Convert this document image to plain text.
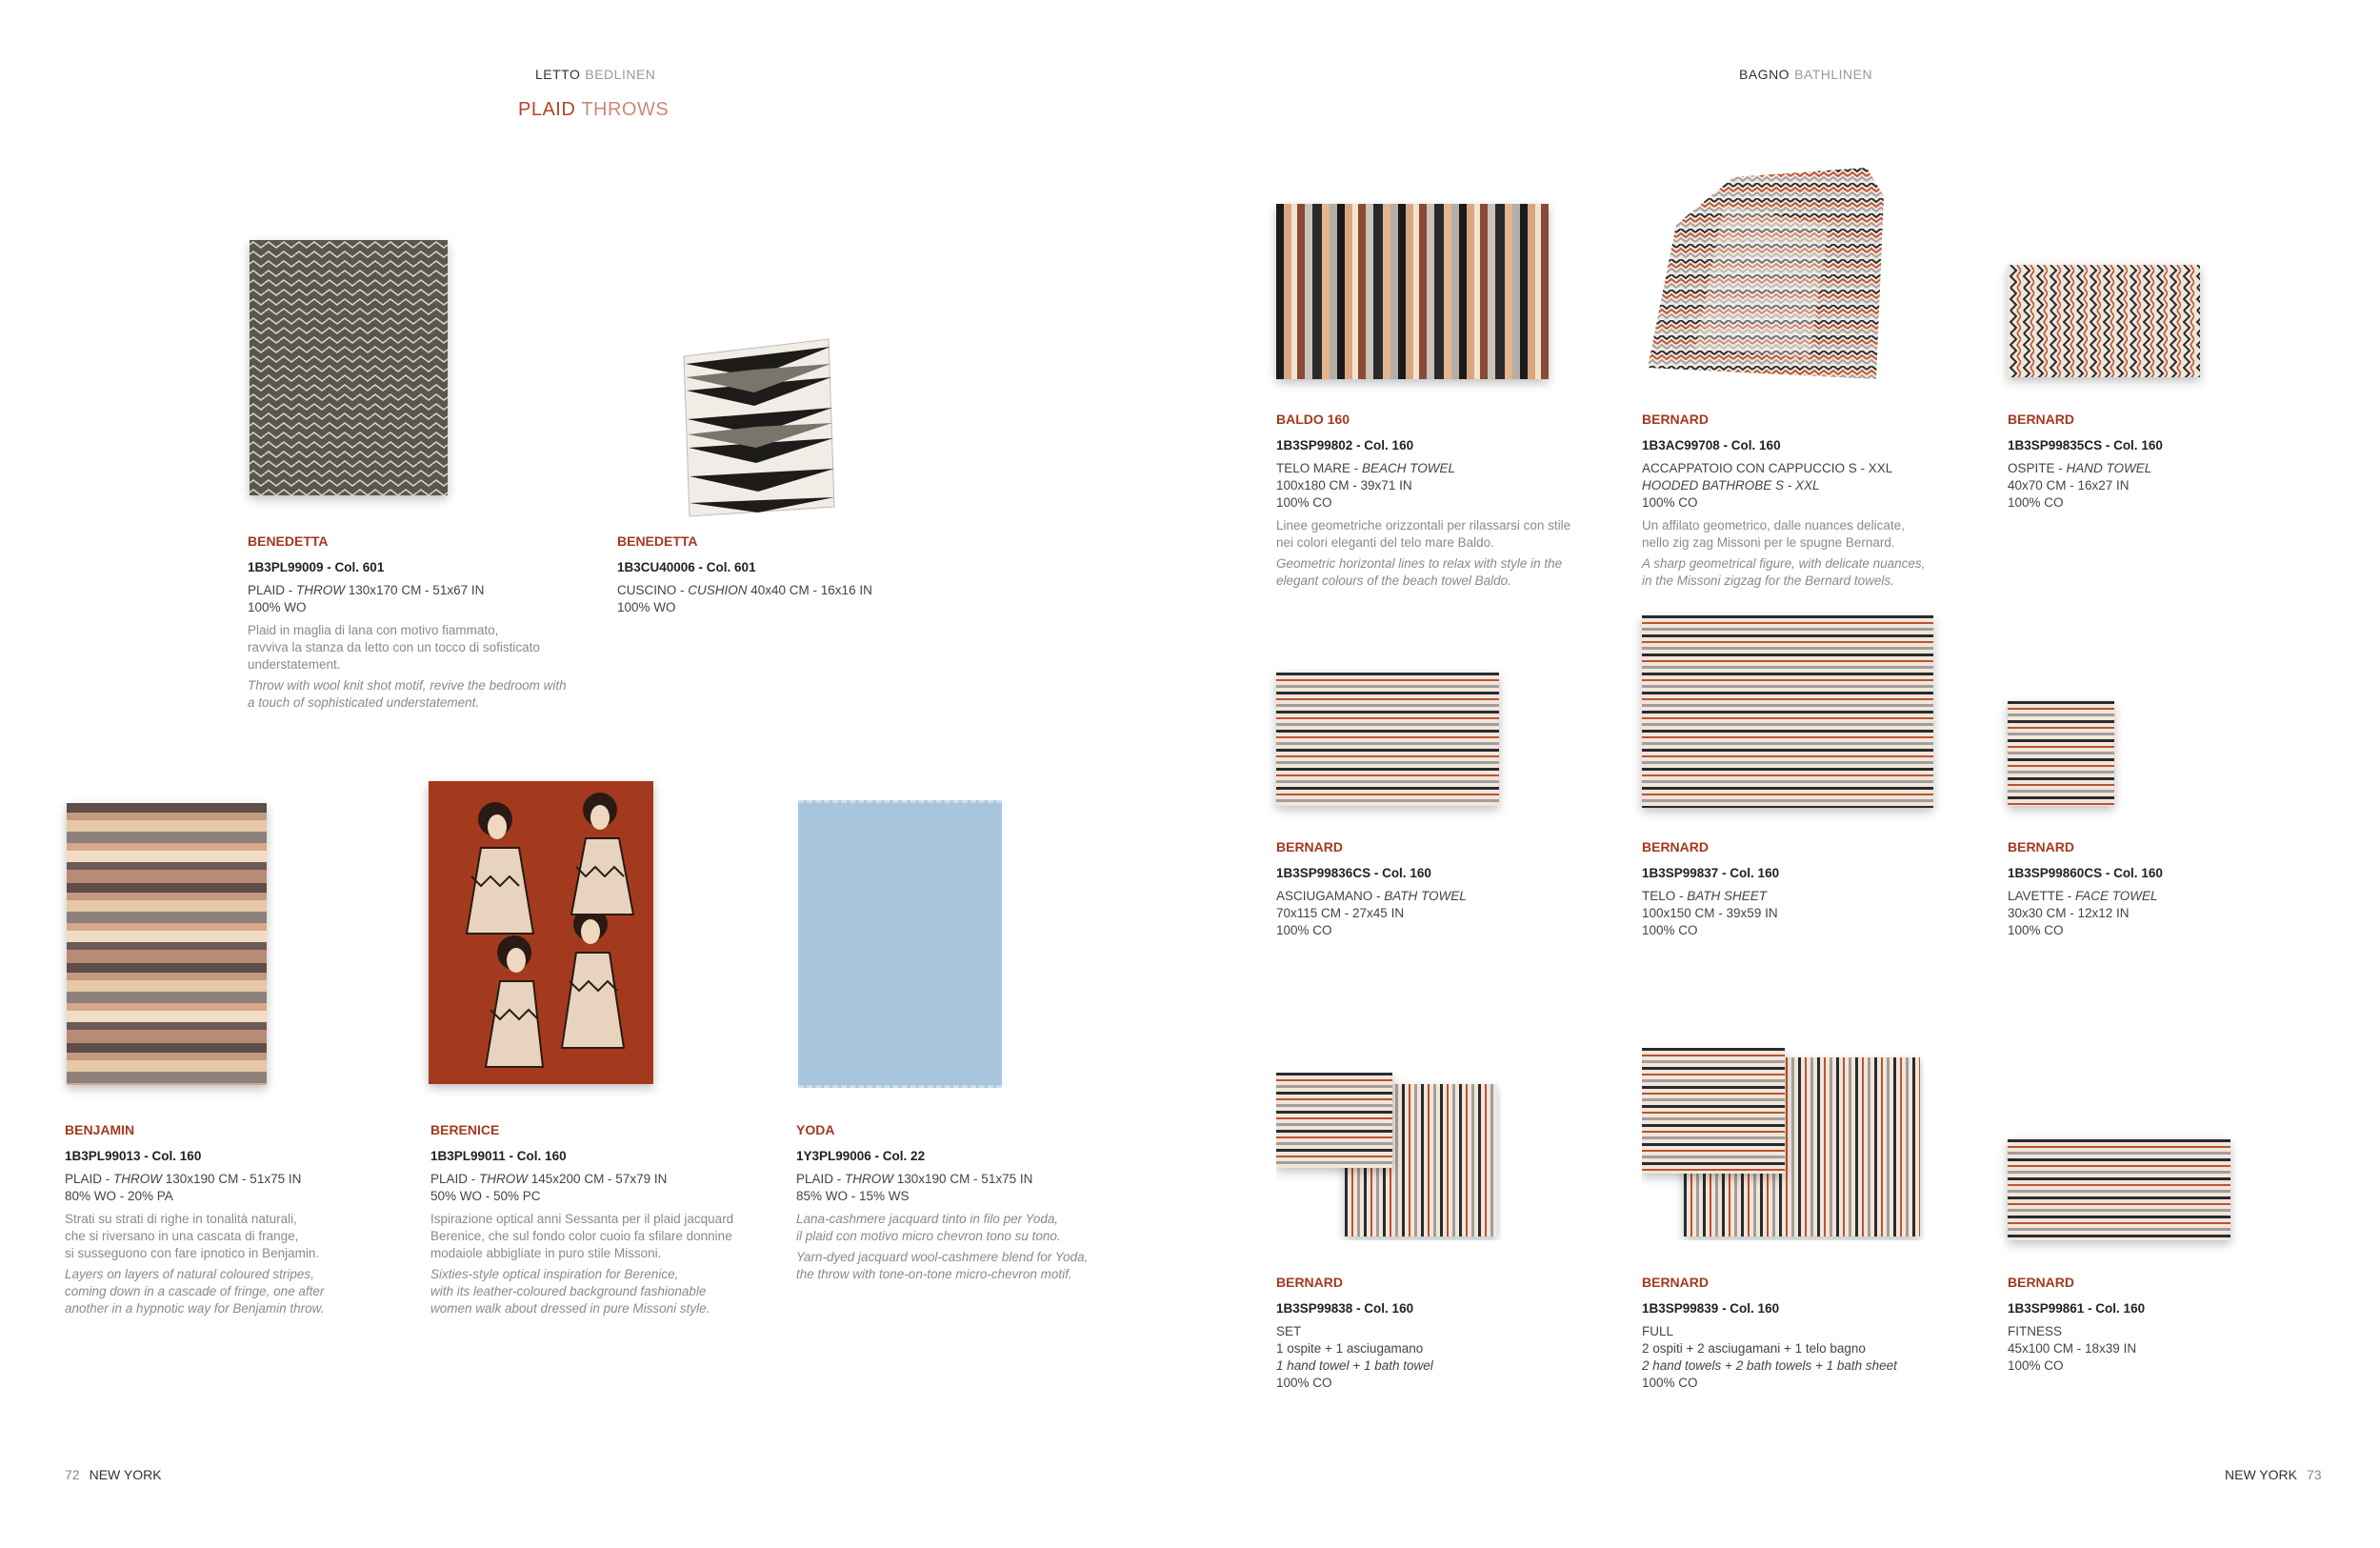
LETTO BEDLINEN
PLAID THROWS
BENEDETTA
1B3PL99009 - Col. 601
PLAID - THROW 130x170 CM - 51x67 IN
100% WO
Plaid in maglia di lana con motivo fiammato,
ravviva la stanza da letto con un tocco di sofisticato
understatement.
Throw with wool knit shot motif, revive the bedroom with
a touch of sophisticated understatement.
BENEDETTA
1B3CU40006 - Col. 601
CUSCINO - CUSHION 40x40 CM - 16x16 IN
100% WO
BENJAMIN
1B3PL99013 - Col. 160
PLAID - THROW 130x190 CM - 51x75 IN
80% WO - 20% PA
Strati su strati di righe in tonalità naturali,
che si riversano in una cascata di frange,
si susseguono con fare ipnotico in Benjamin.
Layers on layers of natural coloured stripes,
coming down in a cascade of fringe, one after
another in a hypnotic way for Benjamin throw.
BERENICE
1B3PL99011 - Col. 160
PLAID - THROW 145x200 CM - 57x79 IN
50% WO - 50% PC
Ispirazione optical anni Sessanta per il plaid jacquard
Berenice, che sul fondo color cuoio fa sfilare donnine
modaiole abbigliate in puro stile Missoni.
Sixties-style optical inspiration for Berenice,
with its leather-coloured background fashionable
women walk about dressed in pure Missoni style.
YODA
1Y3PL99006 - Col. 22
PLAID - THROW 130x190 CM - 51x75 IN
85% WO - 15% WS
Lana-cashmere jacquard tinto in filo per Yoda,
il plaid con motivo micro chevron tono su tono.
Yarn-dyed jacquard wool-cashmere blend for Yoda,
the throw with tone-on-tone micro-chevron motif.
72 NEW YORK
BAGNO BATHLINEN
BALDO 160
1B3SP99802 - Col. 160
TELO MARE - BEACH TOWEL
100x180 CM - 39x71 IN
100% CO
Linee geometriche orizzontali per rilassarsi con stile
nei colori eleganti del telo mare Baldo.
Geometric horizontal lines to relax with style in the
elegant colours of the beach towel Baldo.
BERNARD
1B3AC99708 - Col. 160
ACCAPPATOIO CON CAPPUCCIO S - XXL
HOODED BATHROBE S - XXL
100% CO
Un affilato geometrico, dalle nuances delicate,
nello zig zag Missoni per le spugne Bernard.
A sharp geometrical figure, with delicate nuances,
in the Missoni zigzag for the Bernard towels.
BERNARD
1B3SP99835CS - Col. 160
OSPITE - HAND TOWEL
40x70 CM - 16x27 IN
100% CO
BERNARD
1B3SP99836CS - Col. 160
ASCIUGAMANO - BATH TOWEL
70x115 CM - 27x45 IN
100% CO
BERNARD
1B3SP99837 - Col. 160
TELO - BATH SHEET
100x150 CM - 39x59 IN
100% CO
BERNARD
1B3SP99860CS - Col. 160
LAVETTE - FACE TOWEL
30x30 CM - 12x12 IN
100% CO
BERNARD
1B3SP99838 - Col. 160
SET
1 ospite + 1 asciugamano
1 hand towel + 1 bath towel
100% CO
BERNARD
1B3SP99839 - Col. 160
FULL
2 ospiti + 2 asciugamani + 1 telo bagno
2 hand towels + 2 bath towels + 1 bath sheet
100% CO
BERNARD
1B3SP99861 - Col. 160
FITNESS
45x100 CM - 18x39 IN
100% CO
NEW YORK 73
